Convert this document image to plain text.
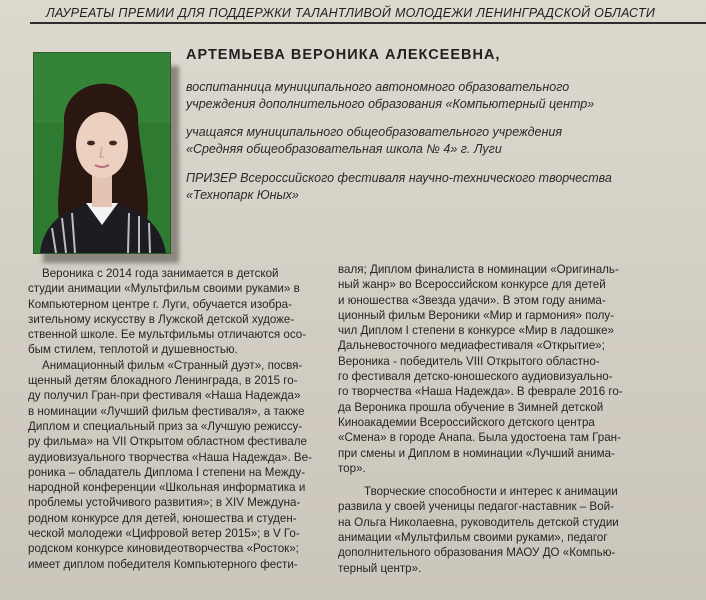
ЛАУРЕАТЫ ПРЕМИИ ДЛЯ ПОДДЕРЖКИ ТАЛАНТЛИВОЙ МОЛОДЕЖИ ЛЕНИНГРАДСКОЙ ОБЛАСТИ
АРТЕМЬЕВА ВЕРОНИКА АЛЕКСЕЕВНА,
воспитанница муниципального автономного образовательного
учреждения дополнительного образования «Компьютерный центр»
учащаяся муниципального общеобразовательного учреждения
«Средняя общеобразовательная школа № 4» г. Луги
ПРИЗЕР Всероссийского фестиваля научно-технического творчества
«Технопарк Юных»
Вероника с 2014 года занимается в детской
студии анимации «Мультфильм своими руками» в
Компьютерном центре г. Луги, обучается изобра-
зительному искусству в Лужской детской художе-
ственной школе. Ее мультфильмы отличаются осо-
бым стилем, теплотой и душевностью.
Анимационный фильм «Странный дуэт», посвя-
щенный детям блокадного Ленинграда, в 2015 го-
ду получил Гран-при фестиваля «Наша Надежда»
в номинации «Лучший фильм фестиваля», а также
Диплом и специальный приз за «Лучшую режиссу-
ру фильма» на VII Открытом областном фестивале
аудиовизуального творчества «Наша Надежда». Ве-
роника – обладатель Диплома I степени на Между-
народной конференции «Школьная информатика и
проблемы устойчивого развития»; в XIV Междуна-
родном конкурсе для детей, юношества и студен-
ческой молодежи «Цифровой ветер 2015»; в V Го-
родском конкурсе киновидеотворчества «Росток»;
имеет диплом победителя Компьютерного фести-
валя; Диплом финалиста в номинации «Оригиналь-
ный жанр» во Всероссийском конкурсе для детей
и юношества «Звезда удачи». В этом году анима-
ционный фильм Вероники «Мир и гармония» полу-
чил Диплом I степени в конкурсе «Мир в ладошке»
Дальневосточного медиафестиваля «Открытие»;
Вероника - победитель VIII Открытого областно-
го фестиваля детско-юношеского аудиовизуально-
го творчества «Наша Надежда». В феврале 2016 го-
да Вероника прошла обучение в Зимней детской
Киноакадемии Всероссийского детского центра
«Смена» в городе Анапа. Была удостоена там Гран-
при смены и Диплом в номинации «Лучший анима-
тор».
Творческие способности и интерес к анимации
развила у своей ученицы педагог-наставник – Вой-
на Ольга Николаевна, руководитель детской студии
анимации «Мультфильм своими руками», педагог
дополнительного образования МАОУ ДО «Компью-
терный центр».
